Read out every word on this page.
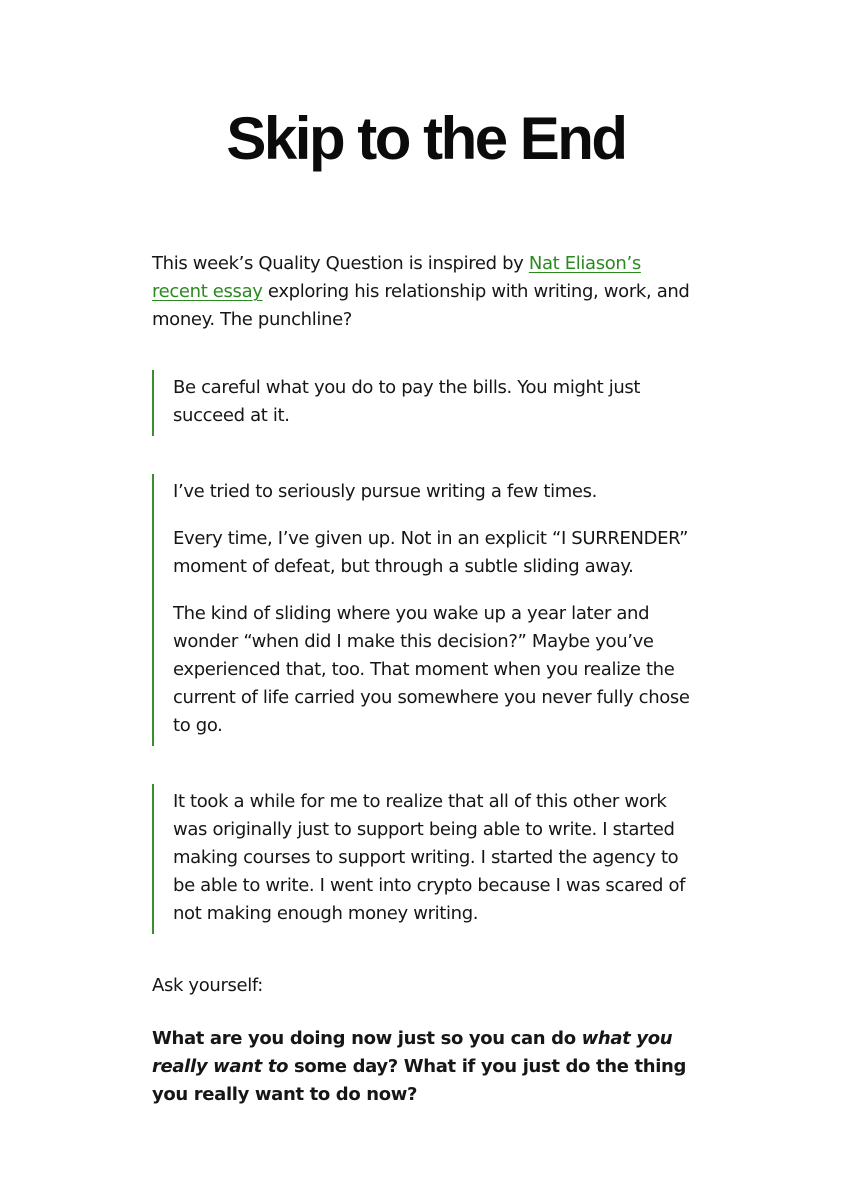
Skip to the End

This week’s Quality Question is inspired by Nat Eliason’s recent essay exploring his relationship with writing, work, and money. The punchline?

Be careful what you do to pay the bills. You might just succeed at it.

I’ve tried to seriously pursue writing a few times.

Every time, I’ve given up. Not in an explicit “I SURRENDER” moment of defeat, but through a subtle sliding away.

The kind of sliding where you wake up a year later and wonder “when did I make this decision?” Maybe you’ve experienced that, too. That moment when you realize the current of life carried you somewhere you never fully chose to go.

It took a while for me to realize that all of this other work was originally just to support being able to write. I started making courses to support writing. I started the agency to be able to write. I went into crypto because I was scared of not making enough money writing.

Ask yourself:

What are you doing now just so you can do what you really want to some day? What if you just do the thing you really want to do now?
